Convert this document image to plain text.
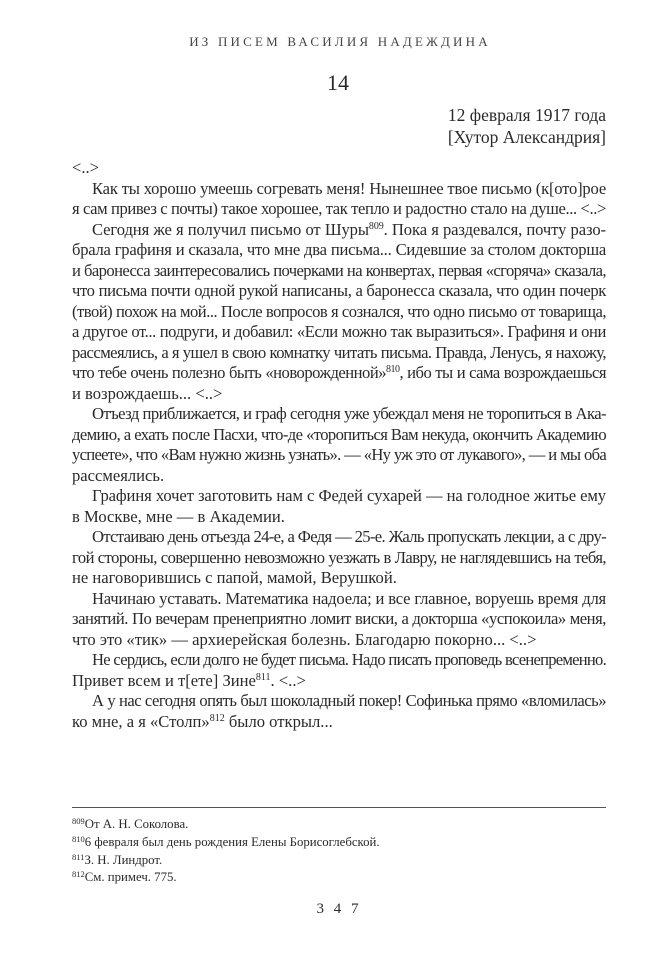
ИЗ ПИСЕМ ВАСИЛИЯ НАДЕЖДИНА
14
12 февраля 1917 года
[Хутор Александрия]
<..>
Как ты хорошо умеешь согревать меня! Нынешнее твое письмо (к[ото]рое
я сам привез с почты) такое хорошее, так тепло и радостно стало на душе... <..>
Сегодня же я получил письмо от Шуры$^{809}$. Пока я раздевался, почту разо-
брала графиня и сказала, что мне два письма... Сидевшие за столом докторша
и баронесса заинтересовались почерками на конвертах, первая «сгоряча» сказала,
что письма почти одной рукой написаны, а баронесса сказала, что один почерк
(твой) похож на мой... После вопросов я сознался, что одно письмо от товарища,
а другое от... подруги, и добавил: «Если можно так выразиться». Графиня и они
рассмеялись, а я ушел в свою комнатку читать письма. Правда, Ленусь, я нахожу,
что тебе очень полезно быть «новорожденной»$^{810}$, ибо ты и сама возрождаешься
и возрождаешь... <..>
Отъезд приближается, и граф сегодня уже убеждал меня не торопиться в Ака-
демию, а ехать после Пасхи, что-де «торопиться Вам некуда, окончить Академию
успеете», что «Вам нужно жизнь узнать». — «Ну уж это от лукавого», — и мы оба
рассмеялись.
Графиня хочет заготовить нам с Федей сухарей — на голодное житье ему
в Москве, мне — в Академии.
Отстаиваю день отъезда 24-е, а Федя — 25-е. Жаль пропускать лекции, а с дру-
гой стороны, совершенно невозможно уезжать в Лавру, не наглядевшись на тебя,
не наговорившись с папой, мамой, Верушкой.
Начинаю уставать. Математика надоела; и все главное, воруешь время для
занятий. По вечерам пренеприятно ломит виски, а докторша «успокоила» меня,
что это «тик» — архиерейская болезнь. Благодарю покорно... <..>
Не сердись, если долго не будет письма. Надо писать проповедь всенепременно.
Привет всем и т[ете] Зине$^{811}$. <..>
А у нас сегодня опять был шоколадный покер! Софинька прямо «вломилась»
ко мне, а я «Столп»$^{812}$ было открыл...
$^{809}$От А. Н. Соколова.
$^{810}$6 февраля был день рождения Елены Борисоглебской.
$^{811}$З. Н. Линдрот.
$^{812}$См. примеч. 775.
3 4 7
